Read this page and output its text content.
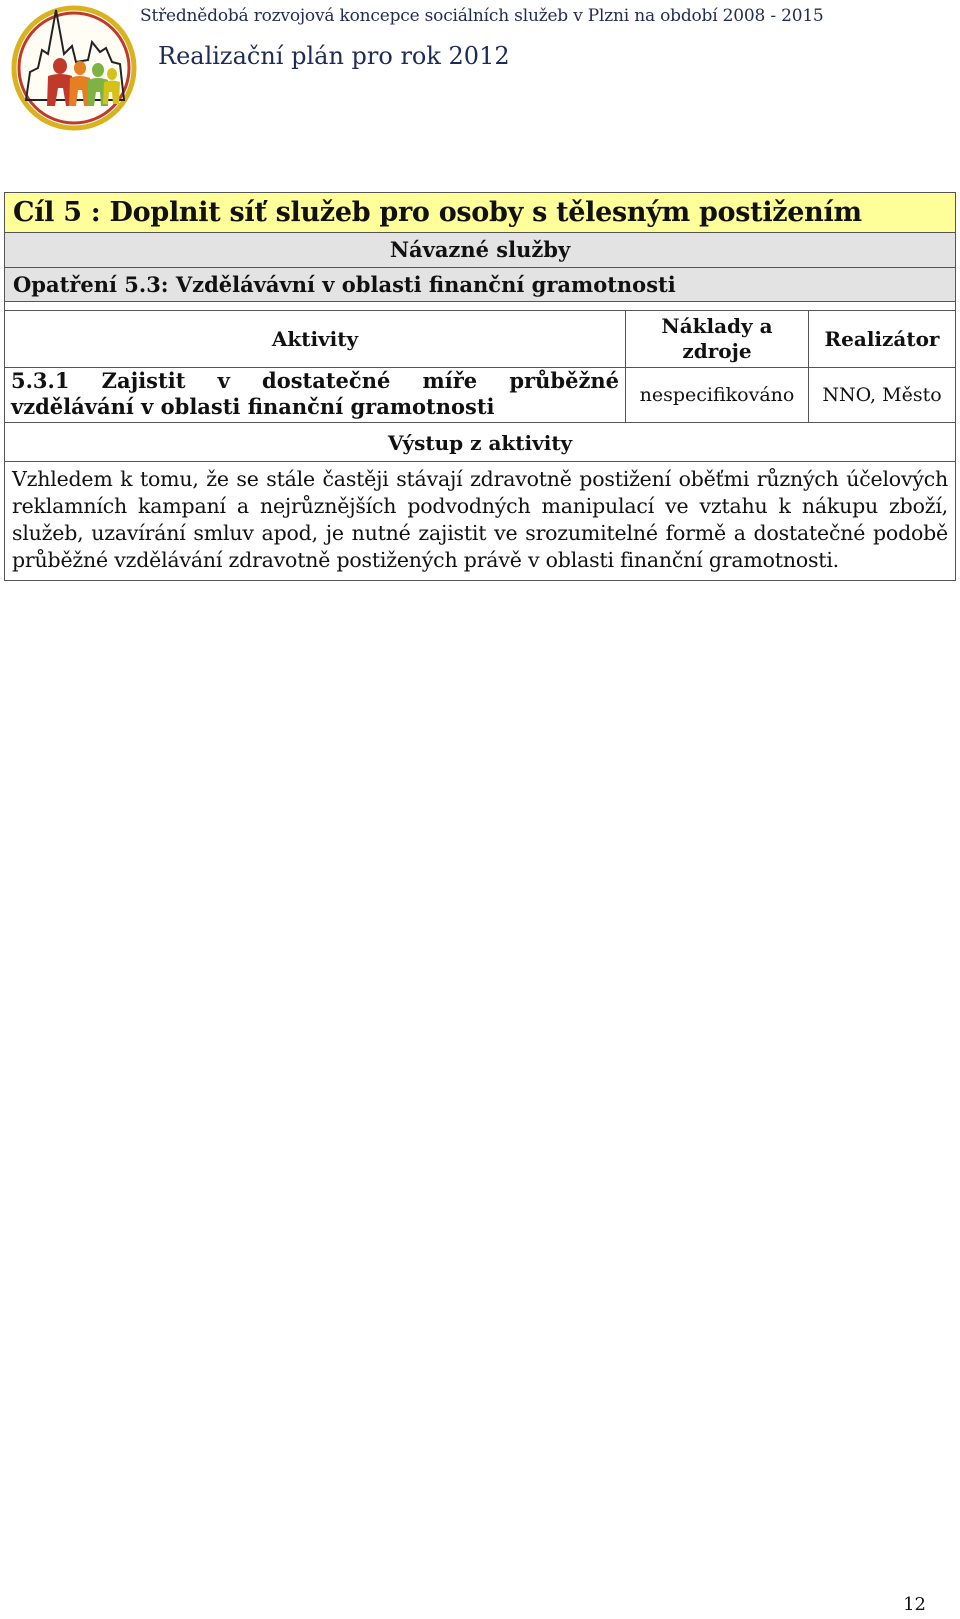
Střednědobá rozvojová koncepce sociálních služeb v Plzni na období 2008 - 2015
Realizační plán pro rok 2012
Cíl 5 : Doplnit síť služeb pro osoby s tělesným postižením
Návazné služby
Opatření 5.3: Vzdělávávní v oblasti finanční gramotnosti
Aktivity
Náklady a zdroje
Realizátor
5.3.1 Zajistit v dostatečné míře průběžné
vzdělávání v oblasti finanční gramotnosti	nespecifikováno	NNO, Město
Výstup z aktivity
Vzhledem k tomu, že se stále častěji stávají zdravotně postižení oběťmi různých účelových reklamních kampaní a nejrůznějších podvodných manipulací ve vztahu k nákupu zboží, služeb, uzavírání smluv apod, je nutné zajistit ve srozumitelné formě a dostatečné podobě průběžné vzdělávání zdravotně postižených právě v oblasti finanční gramotnosti.
12
